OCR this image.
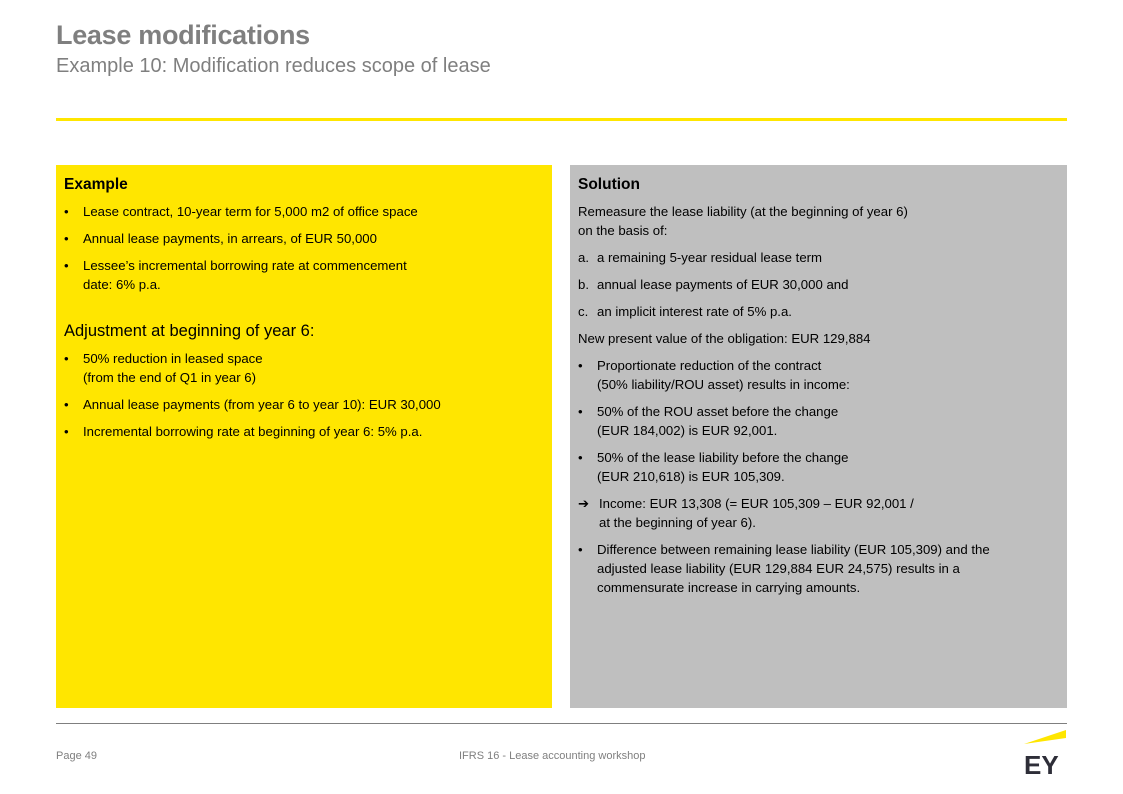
Lease modifications
Example 10: Modification reduces scope of lease
Example
•	Lease contract, 10-year term for 5,000 m2 of office space
•	Annual lease payments, in arrears, of EUR 50,000
•	Lessee’s incremental borrowing rate at commencement
date: 6% p.a.
Adjustment at beginning of year 6:
•	50% reduction in leased space
(from the end of Q1 in year 6)
•	Annual lease payments (from year 6 to year 10): EUR 30,000
•	Incremental borrowing rate at beginning of year 6: 5% p.a.
Solution
Remeasure the lease liability (at the beginning of year 6)
on the basis of:
a. a remaining 5-year residual lease term
b. annual lease payments of EUR 30,000 and
c. an implicit interest rate of 5% p.a.
New present value of the obligation: EUR 129,884
•	Proportionate reduction of the contract
(50% liability/ROU asset) results in income:
•	50% of the ROU asset before the change
(EUR 184,002) is EUR 92,001.
•	50% of the lease liability before the change
(EUR 210,618) is EUR 105,309.
➔ Income: EUR 13,308 (= EUR 105,309 – EUR 92,001 /
at the beginning of year 6).
•	Difference between remaining lease liability (EUR 105,309) and the
adjusted lease liability (EUR 129,884 EUR 24,575) results in a
commensurate increase in carrying amounts.
Page 49	IFRS 16 - Lease accounting workshop	EY
